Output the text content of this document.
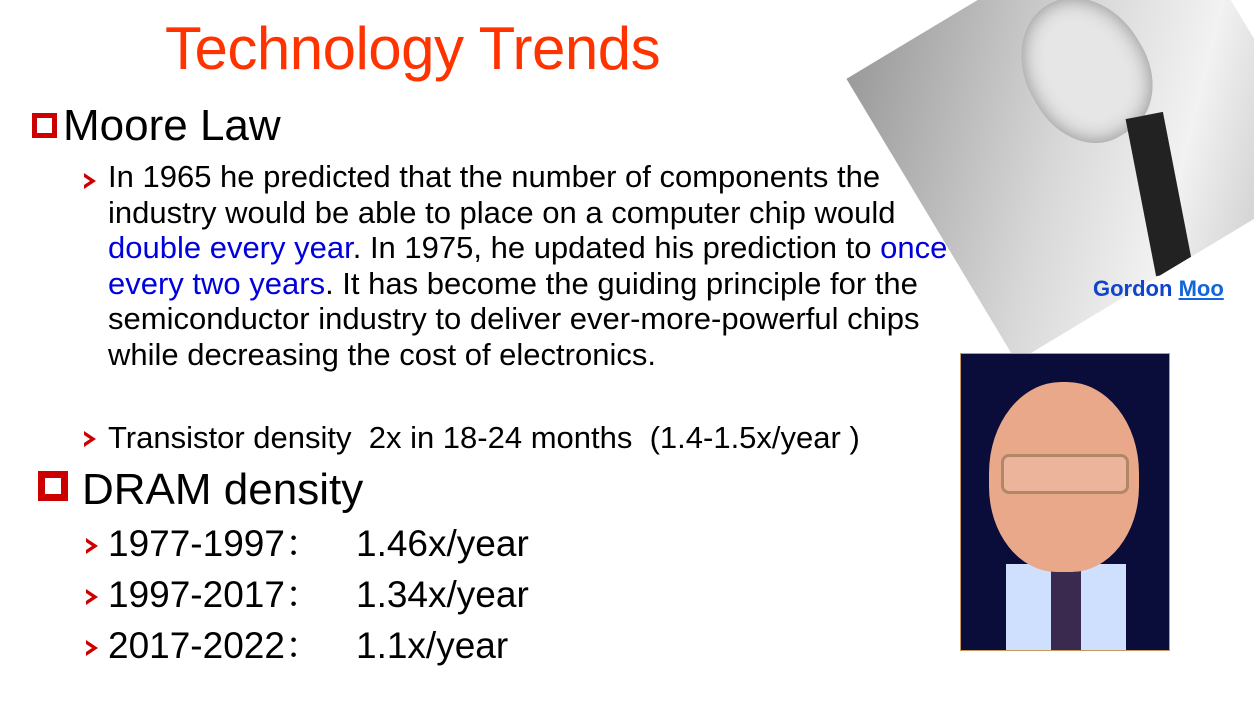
Technology Trends
Moore Law
In 1965 he predicted that the number of components the industry would be able to place on a computer chip would double every year. In 1975, he updated his prediction to once every two years. It has become the guiding principle for the semiconductor industry to deliver ever-more-powerful chips while decreasing the cost of electronics.
Transistor density  2x in 18-24 months  (1.4-1.5x/year )
DRAM density
1977-1997： 1.46x/year
1997-2017： 1.34x/year
2017-2022： 1.1x/year
Gordon Moo
